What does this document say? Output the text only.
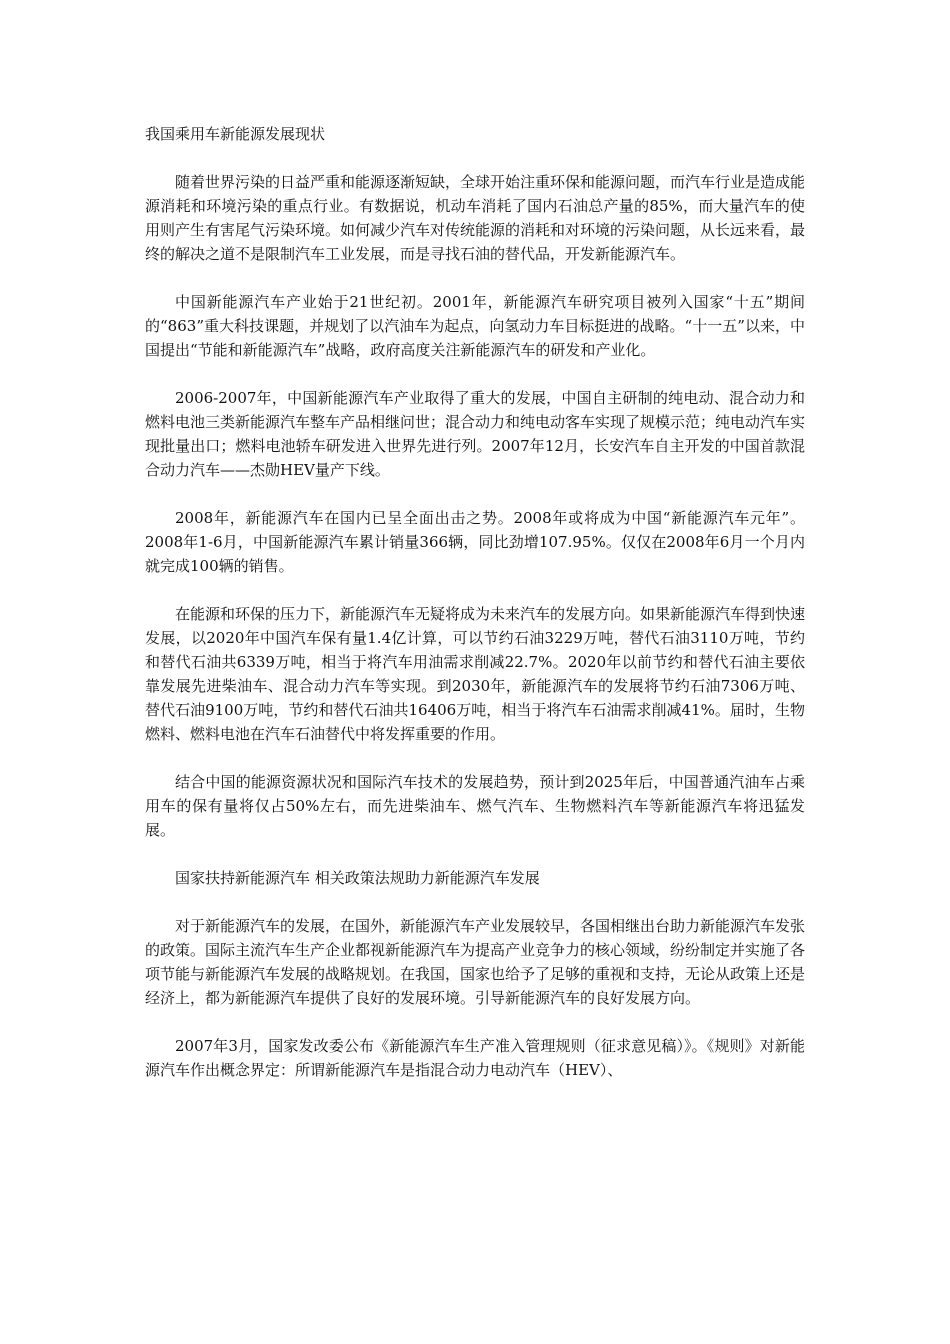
我国乘用车新能源发展现状

随着世界污染的日益严重和能源逐渐短缺，全球开始注重环保和能源问题，而汽车行业是造成能源消耗和环境污染的重点行业。有数据说，机动车消耗了国内石油总产量的85%，而大量汽车的使用则产生有害尾气污染环境。如何减少汽车对传统能源的消耗和对环境的污染问题，从长远来看，最终的解决之道不是限制汽车工业发展，而是寻找石油的替代品，开发新能源汽车。

中国新能源汽车产业始于21世纪初。2001年，新能源汽车研究项目被列入国家“十五”期间的“863”重大科技课题，并规划了以汽油车为起点，向氢动力车目标挺进的战略。“十一五”以来，中国提出“节能和新能源汽车”战略，政府高度关注新能源汽车的研发和产业化。

2006-2007年，中国新能源汽车产业取得了重大的发展，中国自主研制的纯电动、混合动力和燃料电池三类新能源汽车整车产品相继问世；混合动力和纯电动客车实现了规模示范；纯电动汽车实现批量出口；燃料电池轿车研发进入世界先进行列。2007年12月，长安汽车自主开发的中国首款混合动力汽车——杰勋HEV量产下线。

2008年，新能源汽车在国内已呈全面出击之势。2008年或将成为中国“新能源汽车元年”。2008年1-6月，中国新能源汽车累计销量366辆，同比劲增107.95%。仅仅在2008年6月一个月内就完成100辆的销售。

在能源和环保的压力下，新能源汽车无疑将成为未来汽车的发展方向。如果新能源汽车得到快速发展，以2020年中国汽车保有量1.4亿计算，可以节约石油3229万吨，替代石油3110万吨，节约和替代石油共6339万吨，相当于将汽车用油需求削减22.7%。2020年以前节约和替代石油主要依靠发展先进柴油车、混合动力汽车等实现。到2030年，新能源汽车的发展将节约石油7306万吨、替代石油9100万吨，节约和替代石油共16406万吨，相当于将汽车石油需求削减41%。届时，生物燃料、燃料电池在汽车石油替代中将发挥重要的作用。

结合中国的能源资源状况和国际汽车技术的发展趋势，预计到2025年后，中国普通汽油车占乘用车的保有量将仅占50%左右，而先进柴油车、燃气汽车、生物燃料汽车等新能源汽车将迅猛发展。

国家扶持新能源汽车 相关政策法规助力新能源汽车发展

对于新能源汽车的发展，在国外，新能源汽车产业发展较早，各国相继出台助力新能源汽车发张的政策。国际主流汽车生产企业都视新能源汽车为提高产业竞争力的核心领域，纷纷制定并实施了各项节能与新能源汽车发展的战略规划。在我国，国家也给予了足够的重视和支持，无论从政策上还是经济上，都为新能源汽车提供了良好的发展环境。引导新能源汽车的良好发展方向。

2007年3月，国家发改委公布《新能源汽车生产准入管理规则（征求意见稿）》。《规则》对新能源汽车作出概念界定：所谓新能源汽车是指混合动力电动汽车（HEV）、
